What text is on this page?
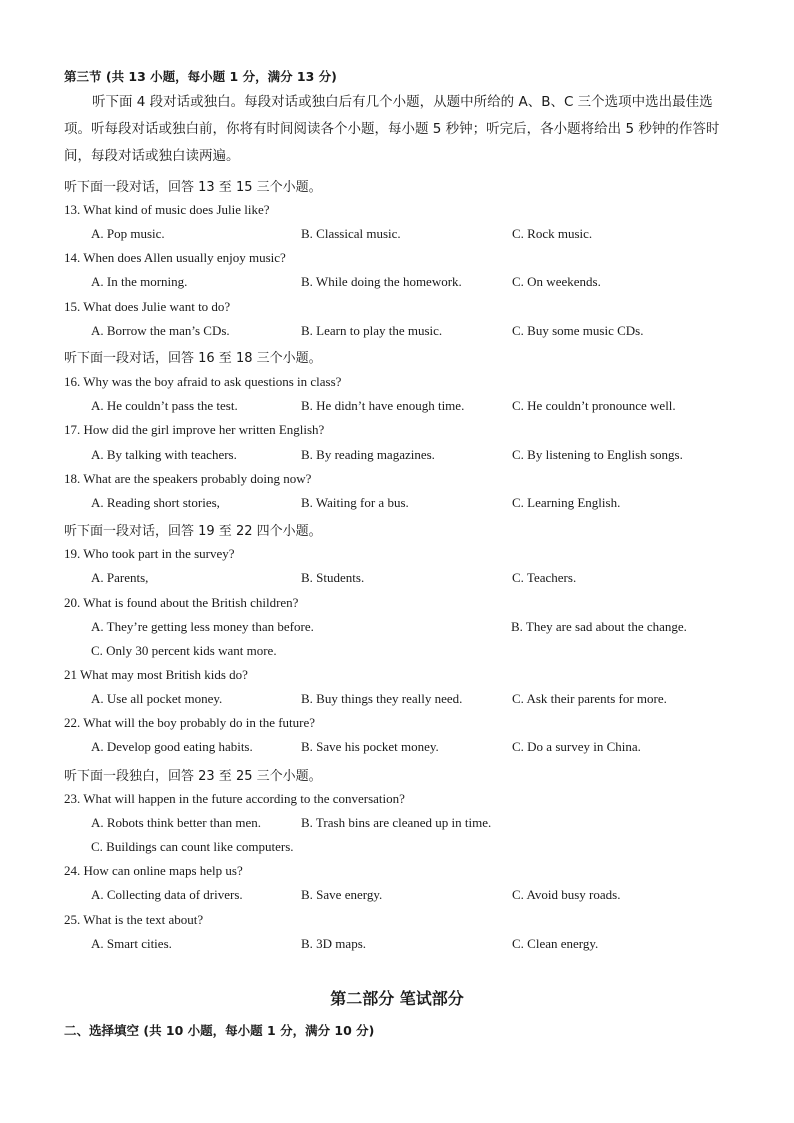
第三节 (共 13 小题，每小题 1 分，满分 13 分)
听下面 4 段对话或独白。每段对话或独白后有几个小题，从题中所给的 A、B、C 三个选项中选出最佳选项。听每段对话或独白前，你将有时间阅读各个小题，每小题 5 秒钟；听完后，各小题将给出 5 秒钟的作答时间，每段对话或独白读两遍。
听下面一段对话，回答 13 至 15 三个小题。
13. What kind of music does Julie like?
A. Pop music.	B. Classical music.	C. Rock music.
14. When does Allen usually enjoy music?
A. In the morning.	B. While doing the homework.	C. On weekends.
15. What does Julie want to do?
A. Borrow the man’s CDs.	B. Learn to play the music.	C. Buy some music CDs.
听下面一段对话，回答 16 至 18 三个小题。
16. Why was the boy afraid to ask questions in class?
A. He couldn’t pass the test.	B. He didn’t have enough time.	C. He couldn’t pronounce well.
17. How did the girl improve her written English?
A. By talking with teachers.	B. By reading magazines.	C. By listening to English songs.
18. What are the speakers probably doing now?
A. Reading short stories,	B. Waiting for a bus.	C. Learning English.
听下面一段对话，回答 19 至 22 四个小题。
19. Who took part in the survey?
A. Parents,	B. Students.	C. Teachers.
20. What is found about the British children?
A. They’re getting less money than before.	B. They are sad about the change.
C. Only 30 percent kids want more.
21 What may most British kids do?
A. Use all pocket money.	B. Buy things they really need.	C. Ask their parents for more.
22. What will the boy probably do in the future?
A. Develop good eating habits.	B. Save his pocket money.	C. Do a survey in China.
听下面一段独白，回答 23 至 25 三个小题。
23. What will happen in the future according to the conversation?
A. Robots think better than men.	B. Trash bins are cleaned up in time.
C. Buildings can count like computers.
24. How can online maps help us?
A. Collecting data of drivers.	B. Save energy.	C. Avoid busy roads.
25. What is the text about?
A. Smart cities.	B. 3D maps.	C. Clean energy.
第二部分 笔试部分
二、选择填空 (共 10 小题，每小题 1 分，满分 10 分)
